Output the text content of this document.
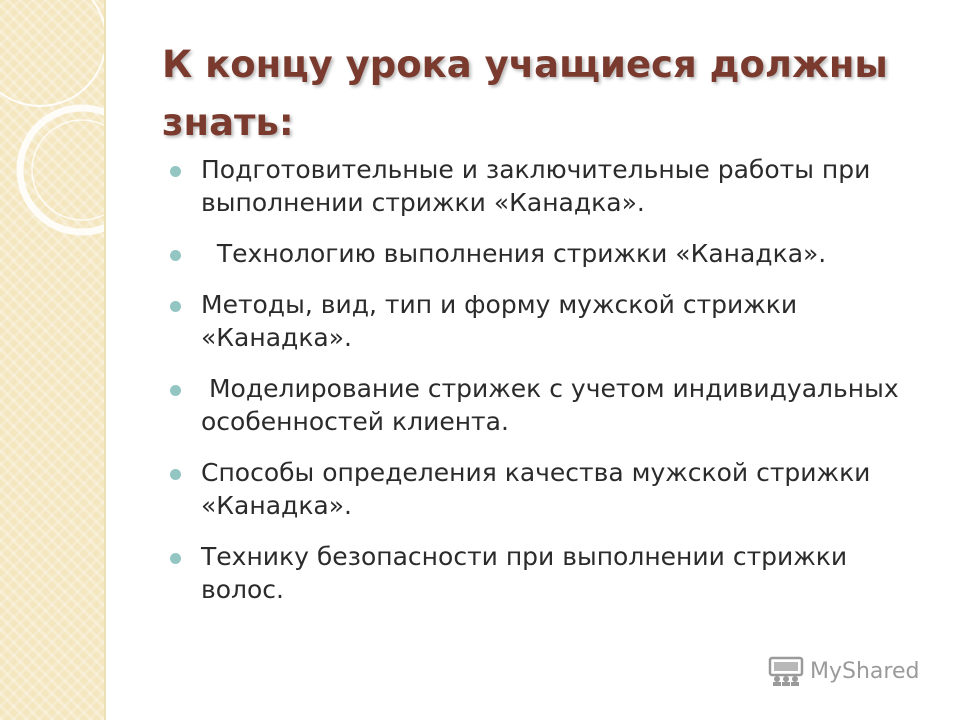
К концу урока учащиеся должны знать:
Подготовительные и заключительные работы при выполнении стрижки «Канадка».
Технологию выполнения стрижки «Канадка».
Методы, вид, тип и форму мужской стрижки «Канадка».
Моделирование стрижек с учетом индивидуальных особенностей клиента.
Способы определения качества мужской стрижки «Канадка».
Технику безопасности при выполнении стрижки волос.
MyShared
